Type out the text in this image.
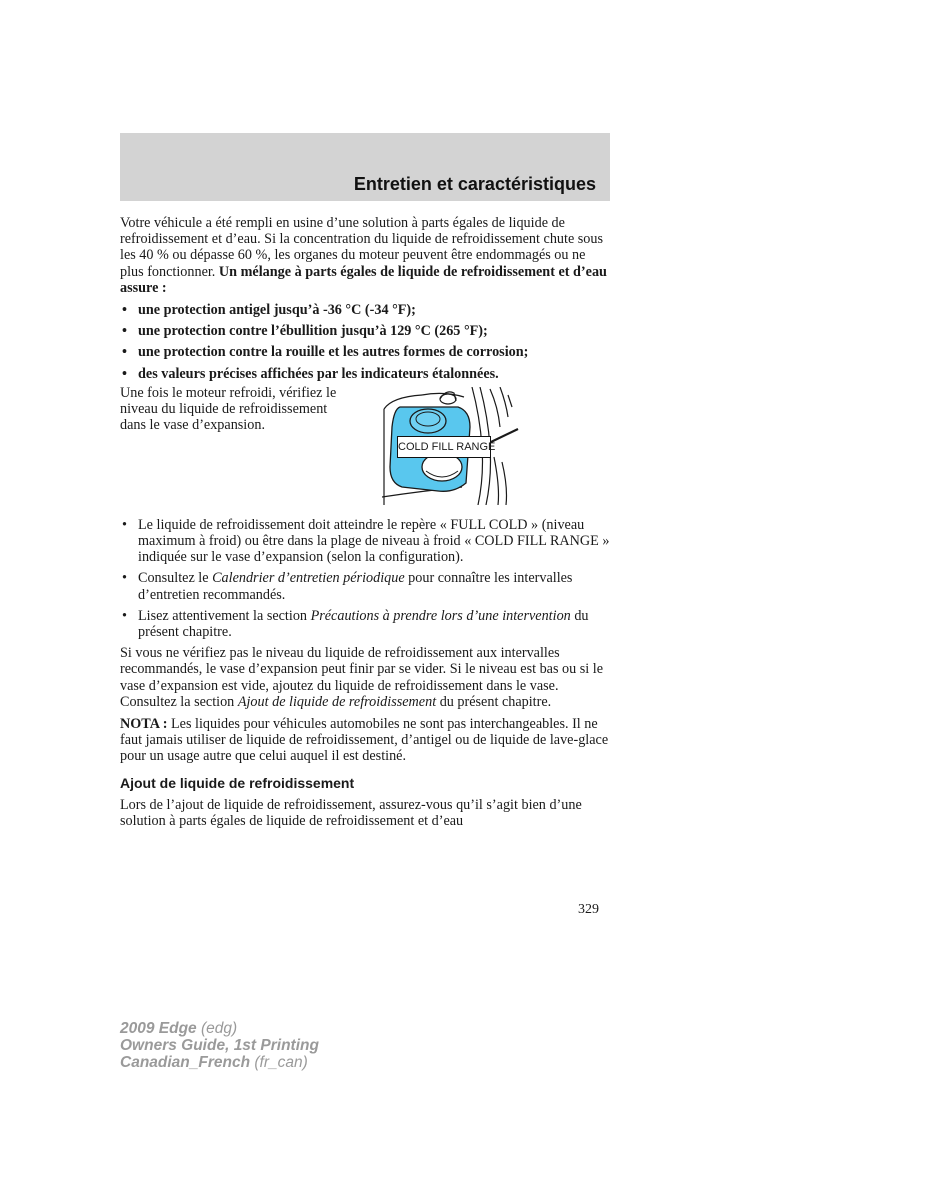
Entretien et caractéristiques

Votre véhicule a été rempli en usine d’une solution à parts égales de liquide de refroidissement et d’eau. Si la concentration du liquide de refroidissement chute sous les 40 % ou dépasse 60 %, les organes du moteur peuvent être endommagés ou ne plus fonctionner. Un mélange à parts égales de liquide de refroidissement et d’eau assure :

• une protection antigel jusqu’à -36 °C (-34 °F);
• une protection contre l’ébullition jusqu’à 129 °C (265 °F);
• une protection contre la rouille et les autres formes de corrosion;
• des valeurs précises affichées par les indicateurs étalonnées.
Une fois le moteur refroidi, vérifiez le niveau du liquide de refroidissement dans le vase d’expansion.
• Le liquide de refroidissement doit atteindre le repère « FULL COLD » (niveau maximum à froid) ou être dans la plage de niveau à froid « COLD FILL RANGE » indiquée sur le vase d’expansion (selon la configuration).
• Consultez le Calendrier d’entretien périodique pour connaître les intervalles d’entretien recommandés.
• Lisez attentivement la section Précautions à prendre lors d’une intervention du présent chapitre.

Si vous ne vérifiez pas le niveau du liquide de refroidissement aux intervalles recommandés, le vase d’expansion peut finir par se vider. Si le niveau est bas ou si le vase d’expansion est vide, ajoutez du liquide de refroidissement dans le vase. Consultez la section Ajout de liquide de refroidissement du présent chapitre.

NOTA : Les liquides pour véhicules automobiles ne sont pas interchangeables. Il ne faut jamais utiliser de liquide de refroidissement, d’antigel ou de liquide de lave-glace pour un usage autre que celui auquel il est destiné.

Ajout de liquide de refroidissement

Lors de l’ajout de liquide de refroidissement, assurez-vous qu’il s’agit bien d’une solution à parts égales de liquide de refroidissement et d’eau

COLD FILL RANGE
329
2009 Edge (edg)
Owners Guide, 1st Printing
Canadian_French (fr_can)
